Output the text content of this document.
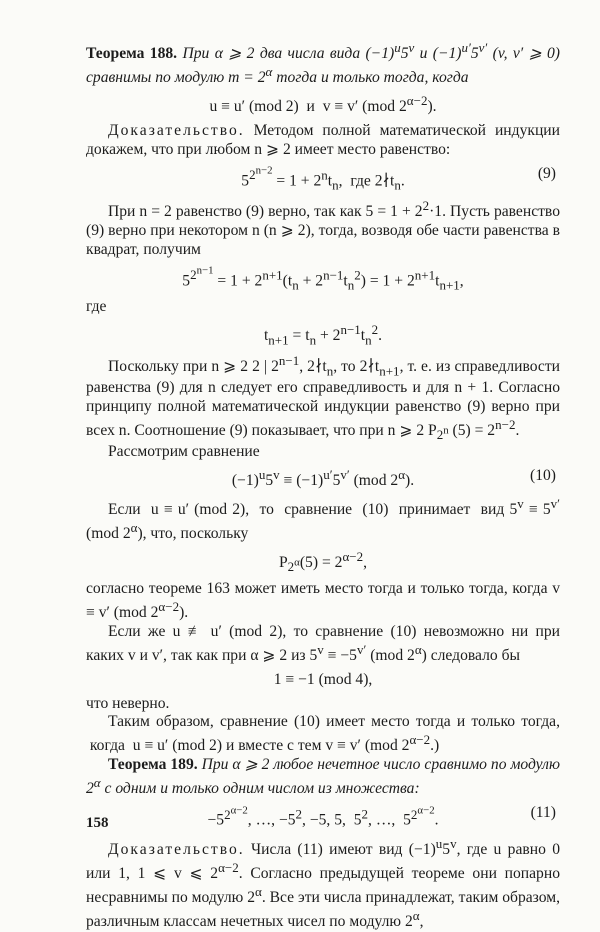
Теорема 188. При α ⩾ 2 два числа вида $(-1)^u5^v$ и $(-1)^{u'}5^{v'}$ (v, v′ ⩾ 0) сравнимы по модулю $m = 2^\alpha$ тогда и только тогда, когда

u ≡ u′ (mod 2)  и  v ≡ v′ (mod $2^{\alpha-2}$).

Доказательство. Методом полной математической индукции докажем, что при любом n ⩾ 2 имеет место равенство:

$5^{2^{n-2}} = 1 + 2^nt_n$,  где $2∤t_n$.	(9)

При n = 2 равенство (9) верно, так как $5 = 1 + 2^2\cdot 1$. Пусть равенство (9) верно при некотором n (n ⩾ 2), тогда, возводя обе части равенства в квадрат, получим

$5^{2^{n-1}} = 1 + 2^{n+1}(t_n + 2^{n-1}t_n^2) = 1 + 2^{n+1}t_{n+1}$,

где

$t_{n+1} = t_n + 2^{n-1}t_n^2$.

Поскольку при n ⩾ 2 2 | $2^{n-1}$, $2∤t_n$, то $2∤t_{n+1}$, т. е. из справедливости равенства (9) для n следует его справедливость и для n + 1. Согласно принципу полной математической индукции равенство (9) верно при всех n. Соотношение (9) показывает, что при n ⩾ 2 $P_{2^n}$ $(5) = 2^{n-2}$.

Рассмотрим сравнение

$(-1)^u5^v \equiv (-1)^{u'}5^{v'}$ (mod $2^\alpha$).	(10)

Если  u ≡ u′ (mod 2),  то  сравнение  (10)  принимает  вид $5^v \equiv 5^{v'}$ (mod $2^\alpha$), что, поскольку

$P_{2^\alpha}(5) = 2^{\alpha-2}$,

согласно теореме 163 может иметь место тогда и только тогда, когда v ≡ v′ (mod $2^{\alpha-2}$).

Если же u ≢ u′ (mod 2), то сравнение (10) невозможно ни при каких v и v′, так как при α ⩾ 2 из $5^v \equiv -5^{v'}$ (mod $2^\alpha$) следовало бы

1 ≡ −1 (mod 4),

что неверно.

Таким образом, сравнение (10) имеет место тогда и только тогда,  когда  u ≡ u′ (mod 2) и вместе с тем v ≡ v′ (mod $2^{\alpha-2}$.)

Теорема 189. При α ⩾ 2 любое нечетное число сравнимо по модулю $2^\alpha$ с одним и только одним числом из множества:

$-5^{2^{\alpha-2}}$, …, $-5^2$, −5, 5,  $5^2$, …,  $5^{2^{\alpha-2}}$.	(11)

Доказательство. Числа (11) имеют вид $(-1)^u5^v$, где u равно 0 или 1, 1 ⩽ v ⩽ $2^{\alpha-2}$. Согласно предыдущей теореме они попарно несравнимы по модулю $2^\alpha$. Все эти числа принадлежат, таким образом, различным классам нечетных чисел по модулю $2^\alpha$,

158
